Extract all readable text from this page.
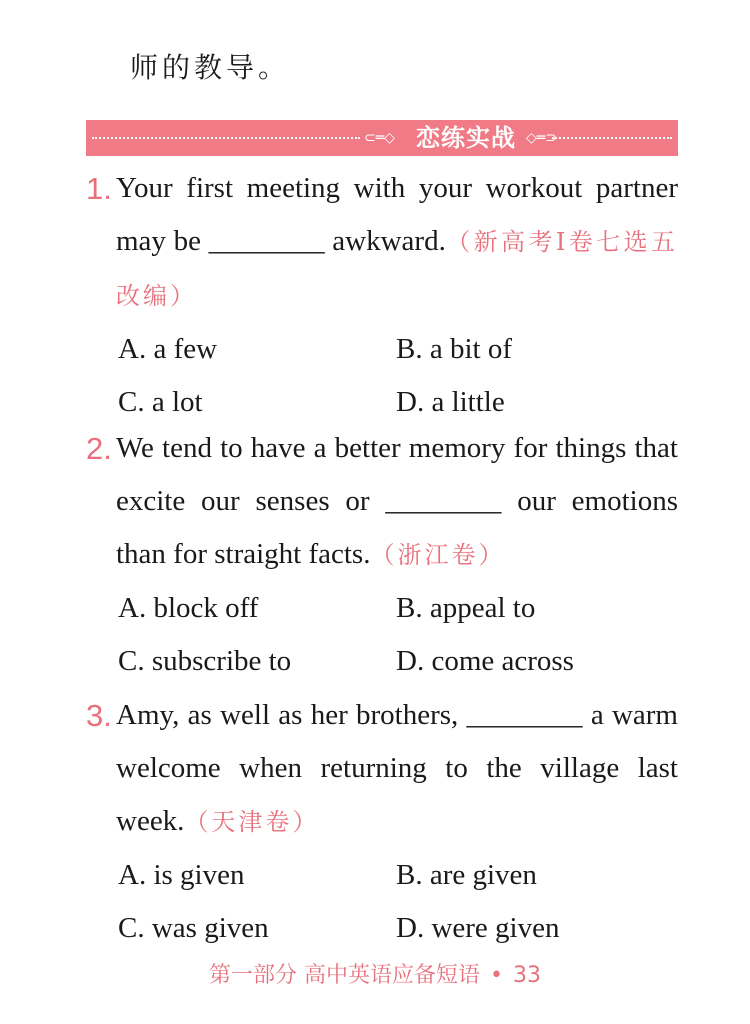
师的教导。
⊂═◇ 恋练实战 ◇═⊃
1. Your first meeting with your workout partner may be ________ awkward.（新高考Ⅰ卷七选五改编）
A. a few	B. a bit of
C. a lot	D. a little
2. We tend to have a better memory for things that excite our senses or ________ our emotions than for straight facts.（浙江卷）
A. block off	B. appeal to
C. subscribe to	D. come across
3. Amy, as well as her brothers, ________ a warm welcome when returning to the village last week.（天津卷）
A. is given	B. are given
C. was given	D. were given
第一部分 高中英语应备短语 • 33
